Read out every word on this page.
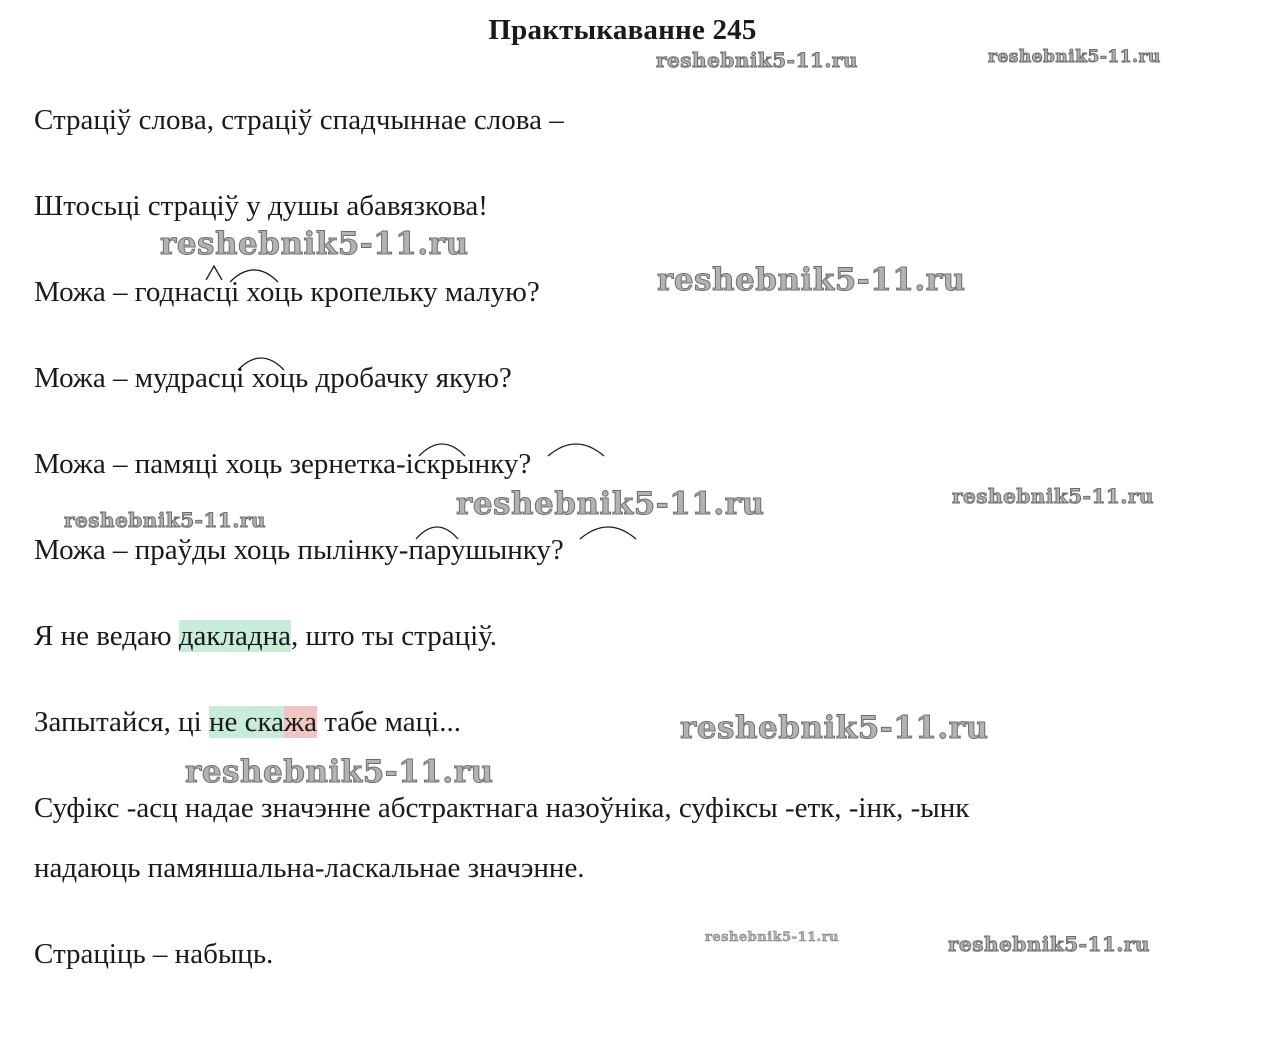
Практыкаванне 245
Страціў слова, страціў спадчыннае слова –
Штосьці страціў у душы абавязкова!
Можа – годнасці хоць кропельку малую?
Можа – мудрасці хоць дробачку якую?
Можа – памяці хоць зернетка-іскрынку?
Можа – праўды хоць пылінку-парушынку?
Я не ведаю дакладна, што ты страціў.
Запытайся, ці не скажа табе маці...
Суфікс -асц надае значэнне абстрактнага назоўніка, суфіксы -етк, -інк, -ынк
надаюць памяншальна-ласкальнае значэнне.
Страціць – набыць.
reshebnik5-11.ru	reshebnik5-11.ru
reshebnik5-11.ru
reshebnik5-11.ru
reshebnik5-11.ru	reshebnik5-11.ru
reshebnik5-11.ru
reshebnik5-11.ru
reshebnik5-11.ru
reshebnik5-11.ru	reshebnik5-11.ru
